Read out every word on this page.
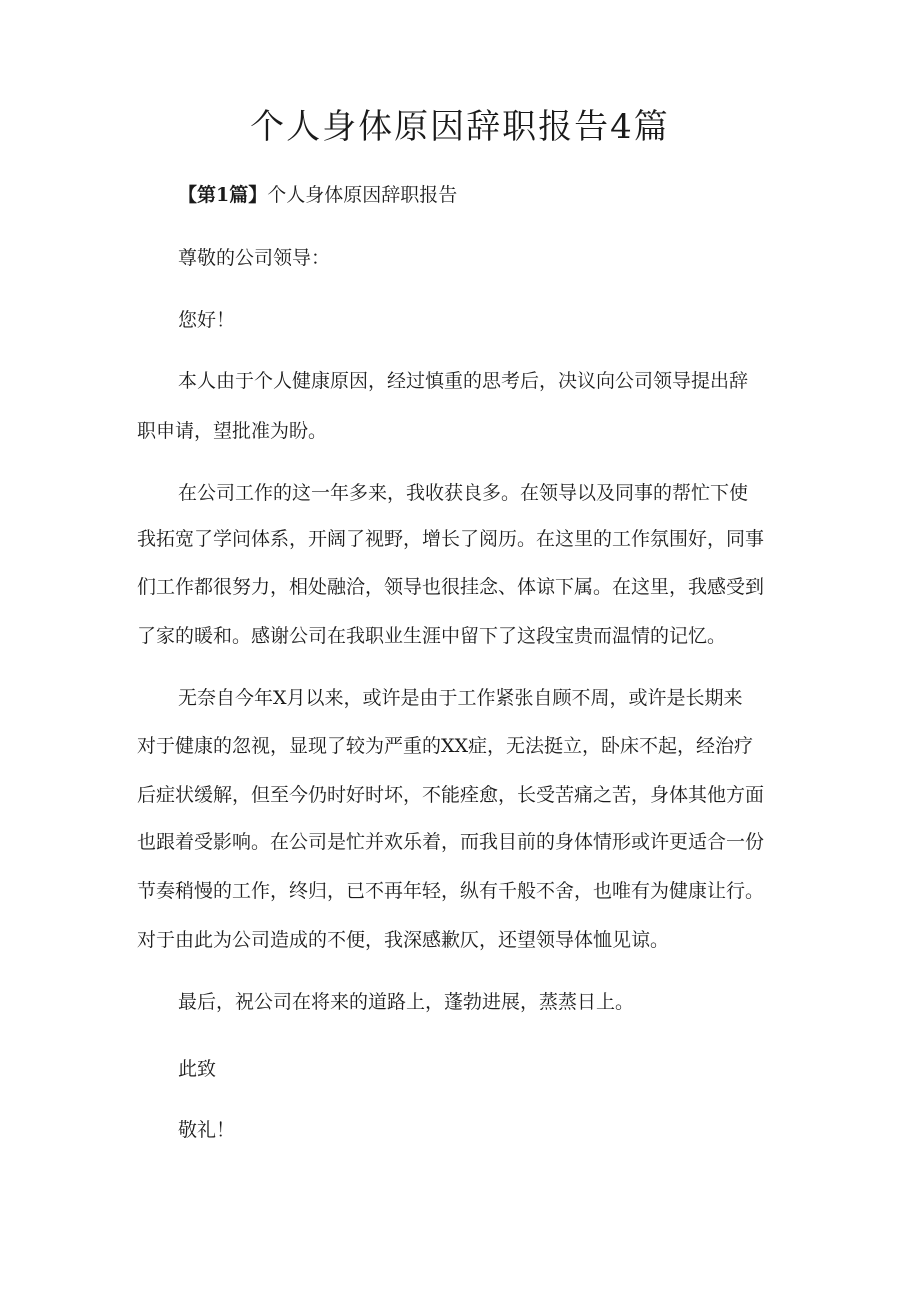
个人身体原因辞职报告4篇

【第1篇】个人身体原因辞职报告

尊敬的公司领导：

您好！

本人由于个人健康原因，经过慎重的思考后，决议向公司领导提出辞

职申请，望批准为盼。

在公司工作的这一年多来，我收获良多。在领导以及同事的帮忙下使

我拓宽了学问体系，开阔了视野，增长了阅历。在这里的工作氛围好，同事

们工作都很努力，相处融洽，领导也很挂念、体谅下属。在这里，我感受到

了家的暖和。感谢公司在我职业生涯中留下了这段宝贵而温情的记忆。

无奈自今年X月以来，或许是由于工作紧张自顾不周，或许是长期来

对于健康的忽视，显现了较为严重的XX症，无法挺立，卧床不起，经治疗

后症状缓解，但至今仍时好时坏，不能痊愈，长受苦痛之苦，身体其他方面

也跟着受影响。在公司是忙并欢乐着，而我目前的身体情形或许更适合一份

节奏稍慢的工作，终归，已不再年轻，纵有千般不舍，也唯有为健康让行。

对于由此为公司造成的不便，我深感歉仄，还望领导体恤见谅。

最后，祝公司在将来的道路上，蓬勃进展，蒸蒸日上。

此致

敬礼！
